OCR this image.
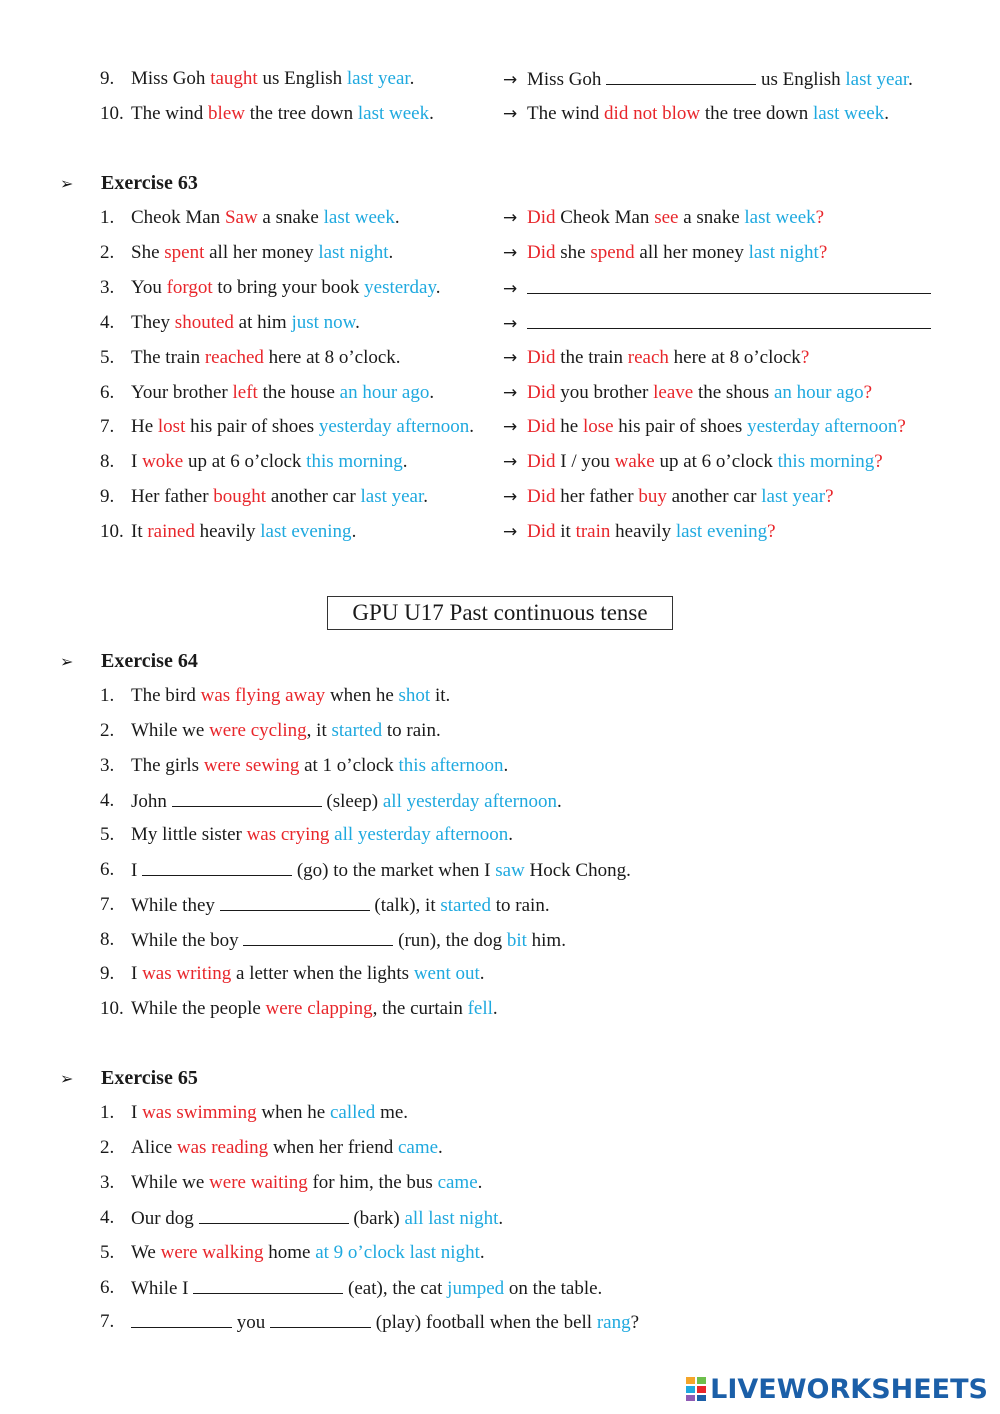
➢ Exercise 63
GPU U17 Past continuous tense
➢ Exercise 64
➢ Exercise 65
9. Miss Goh taught us English last year.	→ Miss Goh	us English last year.
10. The wind blew the tree down last week.	→ The wind did not blow the tree down last week.
1. Cheok Man Saw a snake last week.	→ Did Cheok Man see a snake last week?
2. She spent all her money last night.	→ Did she spend all her money last night?
3. You forgot to bring your book yesterday.	→
4. They shouted at him just now.	→
5. The train reached here at 8 o’clock.	→ Did the train reach here at 8 o’clock?
6. Your brother left the house an hour ago.	→ Did you brother leave the shous an hour ago?
7. He lost his pair of shoes yesterday afternoon. → Did he lose his pair of shoes yesterday afternoon?
8. I woke up at 6 o’clock this morning.	→ Did I / you wake up at 6 o’clock this morning?
9. Her father bought another car last year.	→ Did her father buy another car last year?
10. It rained heavily last evening.	→ Did it train heavily last evening?
1. The bird was flying away when he shot it.
2. While we were cycling, it started to rain.
3. The girls were sewing at 1 o’clock this afternoon.
4. John	(sleep) all yesterday afternoon.
5. My little sister was crying all yesterday afternoon.
6. I	(go) to the market when I saw Hock Chong.
7. While they	(talk), it started to rain.
8. While the boy	(run), the dog bit him.
9. I was writing a letter when the lights went out.
10. While the people were clapping, the curtain fell.
1. I was swimming when he called me.
2. Alice was reading when her friend came.
3. While we were waiting for him, the bus came.
4. Our dog	(bark) all last night.
5. We were walking home at 9 o’clock last night.
6. While I	(eat), the cat jumped on the table.
7.	you	(play) football when the bell rang?
LIVEWORKSHEETS
